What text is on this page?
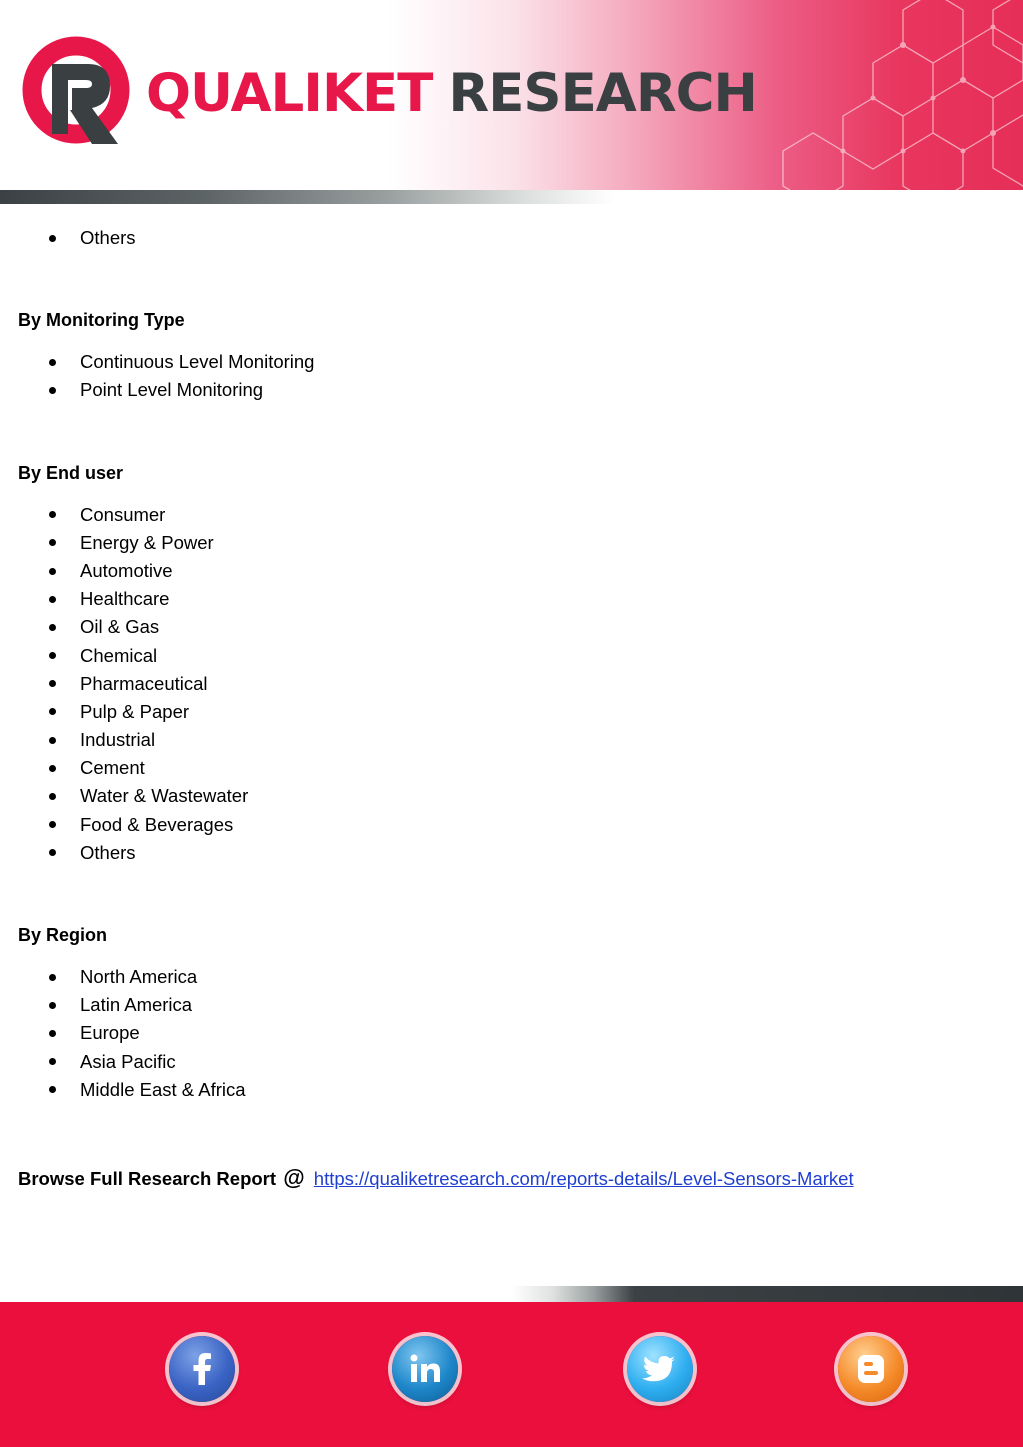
QUALIKET RESEARCH
Others
By Monitoring Type
Continuous Level Monitoring
Point Level Monitoring
By End user
Consumer
Energy & Power
Automotive
Healthcare
Oil & Gas
Chemical
Pharmaceutical
Pulp & Paper
Industrial
Cement
Water & Wastewater
Food & Beverages
Others
By Region
North America
Latin America
Europe
Asia Pacific
Middle East & Africa
Browse Full Research Report @ https://qualiketresearch.com/reports-details/Level-Sensors-Market
